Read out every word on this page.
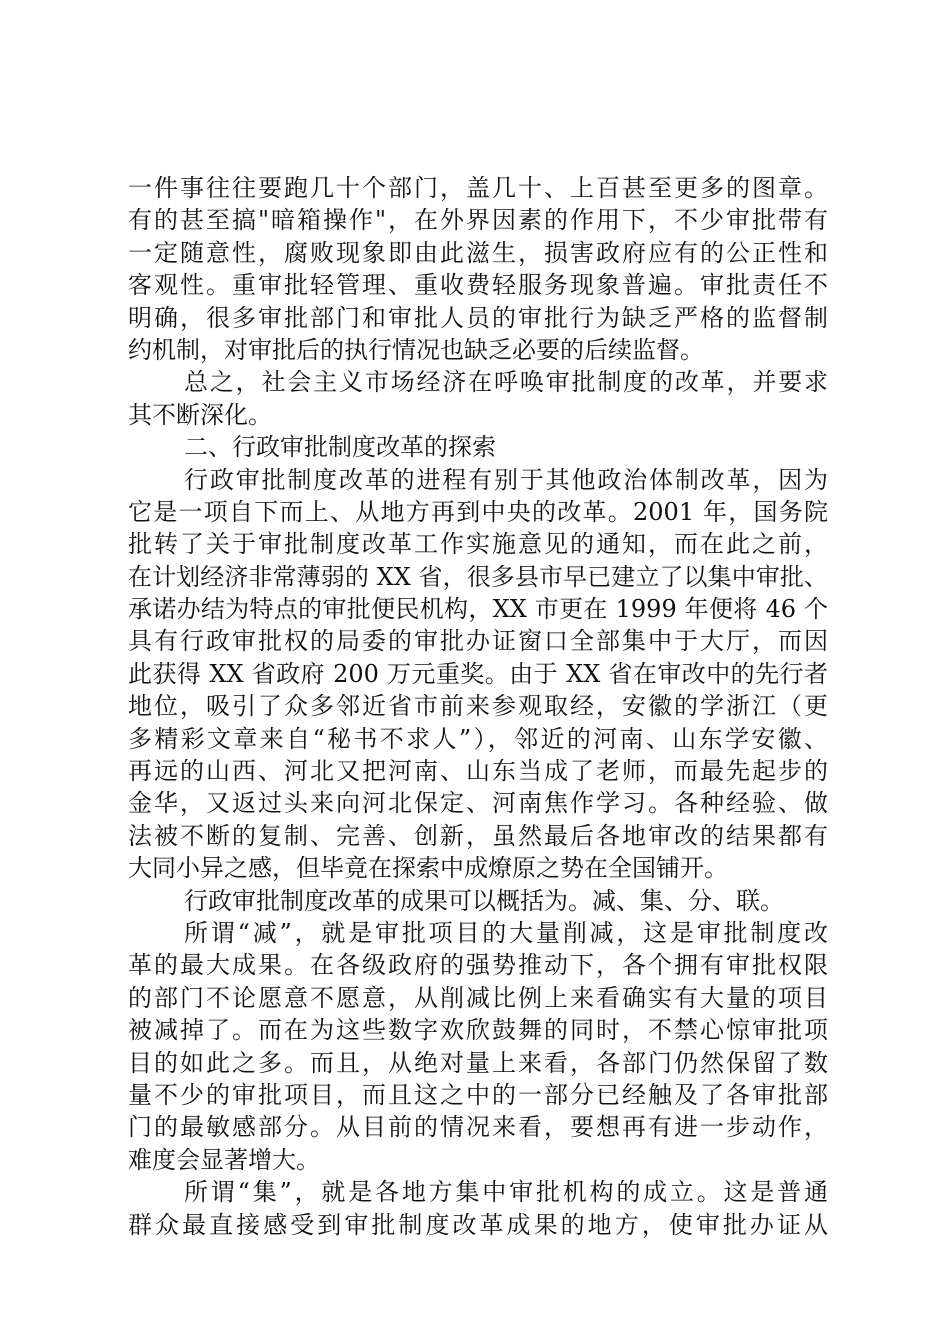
一件事往往要跑几十个部门，盖几十、上百甚至更多的图章。
有的甚至搞"暗箱操作"，在外界因素的作用下，不少审批带有
一定随意性，腐败现象即由此滋生，损害政府应有的公正性和
客观性。重审批轻管理、重收费轻服务现象普遍。审批责任不
明确，很多审批部门和审批人员的审批行为缺乏严格的监督制
约机制，对审批后的执行情况也缺乏必要的后续监督。
总之，社会主义市场经济在呼唤审批制度的改革，并要求
其不断深化。
二、行政审批制度改革的探索
行政审批制度改革的进程有别于其他政治体制改革，因为
它是一项自下而上、从地方再到中央的改革。2001 年，国务院
批转了关于审批制度改革工作实施意见的通知，而在此之前，
在计划经济非常薄弱的 XX 省，很多县市早已建立了以集中审批、
承诺办结为特点的审批便民机构，XX 市更在 1999 年便将 46 个
具有行政审批权的局委的审批办证窗口全部集中于大厅，而因
此获得 XX 省政府 200 万元重奖。由于 XX 省在审改中的先行者
地位，吸引了众多邻近省市前来参观取经，安徽的学浙江（更
多精彩文章来自“秘书不求人”），邻近的河南、山东学安徽、
再远的山西、河北又把河南、山东当成了老师，而最先起步的
金华，又返过头来向河北保定、河南焦作学习。各种经验、做
法被不断的复制、完善、创新，虽然最后各地审改的结果都有
大同小异之感，但毕竟在探索中成燎原之势在全国铺开。
行政审批制度改革的成果可以概括为。减、集、分、联。
所谓“减”，就是审批项目的大量削减，这是审批制度改
革的最大成果。在各级政府的强势推动下，各个拥有审批权限
的部门不论愿意不愿意，从削减比例上来看确实有大量的项目
被减掉了。而在为这些数字欢欣鼓舞的同时，不禁心惊审批项
目的如此之多。而且，从绝对量上来看，各部门仍然保留了数
量不少的审批项目，而且这之中的一部分已经触及了各审批部
门的最敏感部分。从目前的情况来看，要想再有进一步动作，
难度会显著增大。
所谓“集”，就是各地方集中审批机构的成立。这是普通
群众最直接感受到审批制度改革成果的地方，使审批办证从
